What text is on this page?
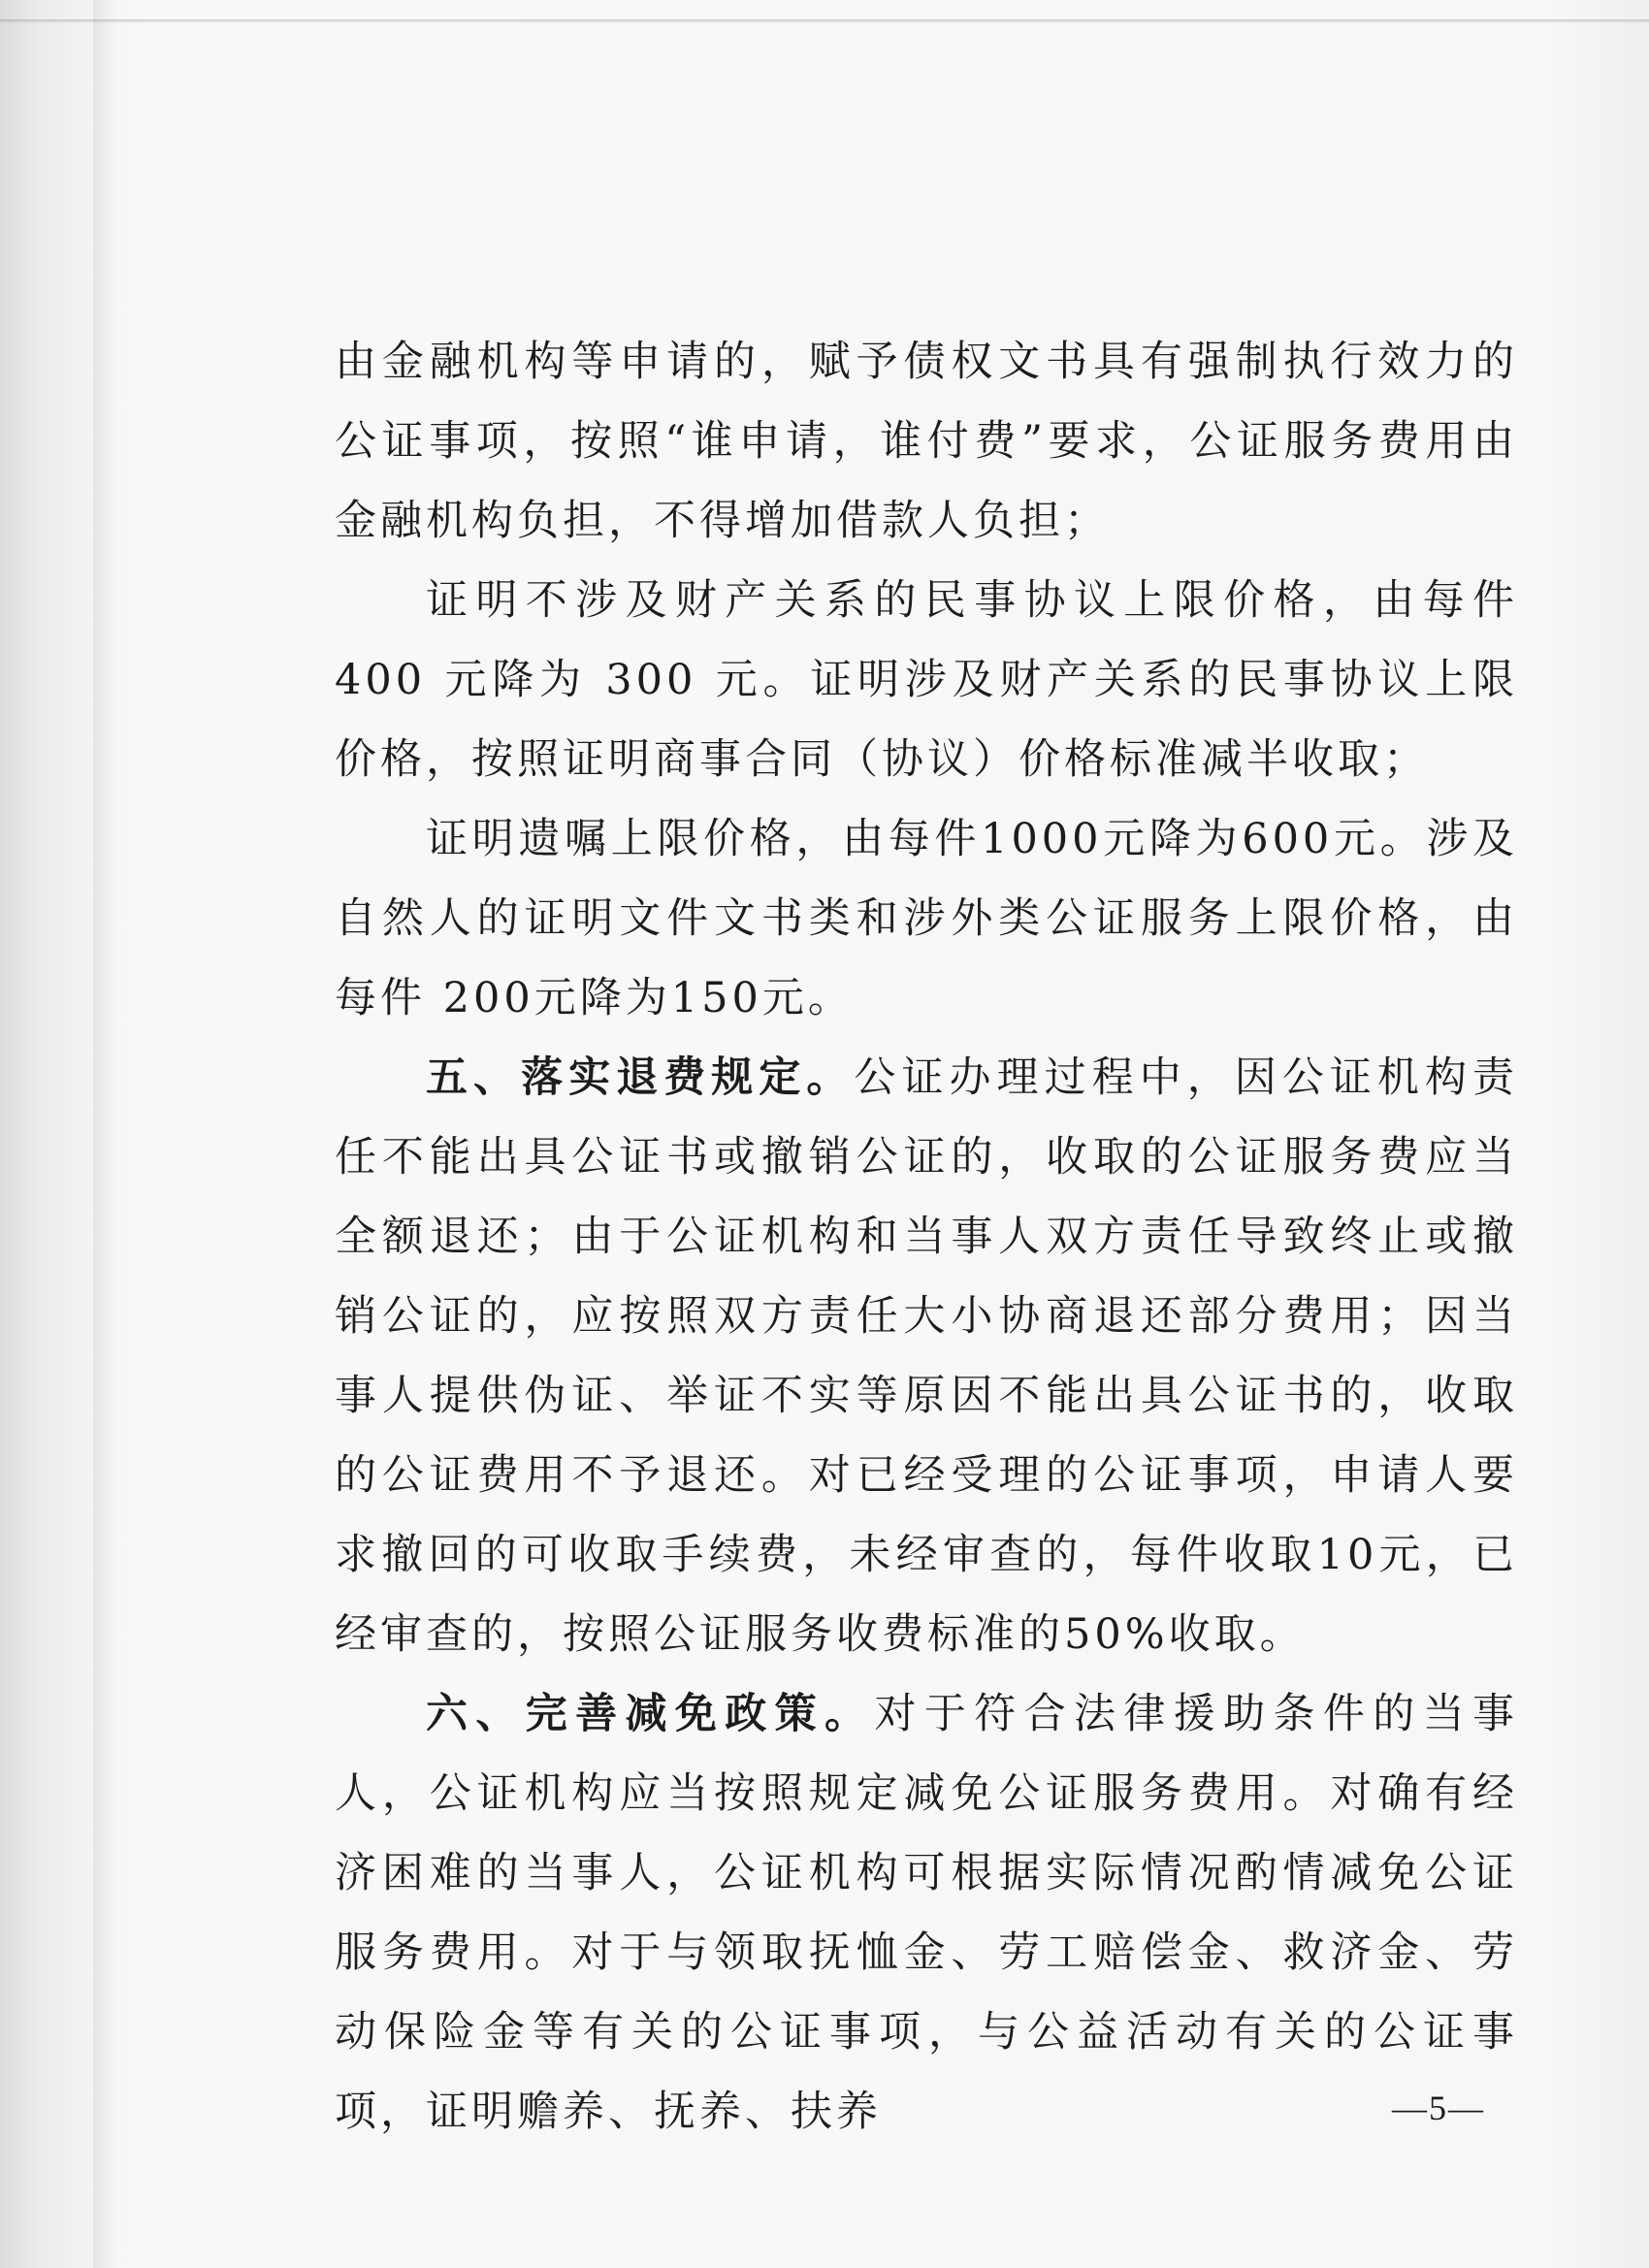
由金融机构等申请的，赋予债权文书具有强制执行效力的公证事项，按照“谁申请，谁付费”要求，公证服务费用由金融机构负担，不得增加借款人负担；

证明不涉及财产关系的民事协议上限价格，由每件 400 元降为 300 元。证明涉及财产关系的民事协议上限价格，按照证明商事合同（协议）价格标准减半收取；

证明遗嘱上限价格，由每件1000元降为600元。涉及自然人的证明文件文书类和涉外类公证服务上限价格，由每件 200元降为150元。

五、落实退费规定。公证办理过程中，因公证机构责任不能出具公证书或撤销公证的，收取的公证服务费应当全额退还；由于公证机构和当事人双方责任导致终止或撤销公证的，应按照双方责任大小协商退还部分费用；因当事人提供伪证、举证不实等原因不能出具公证书的，收取的公证费用不予退还。对已经受理的公证事项，申请人要求撤回的可收取手续费，未经审查的，每件收取10元，已经审查的，按照公证服务收费标准的50%收取。

六、完善减免政策。对于符合法律援助条件的当事人，公证机构应当按照规定减免公证服务费用。对确有经济困难的当事人，公证机构可根据实际情况酌情减免公证服务费用。对于与领取抚恤金、劳工赔偿金、救济金、劳动保险金等有关的公证事项，与公益活动有关的公证事项，证明赡养、抚养、扶养	—5—
